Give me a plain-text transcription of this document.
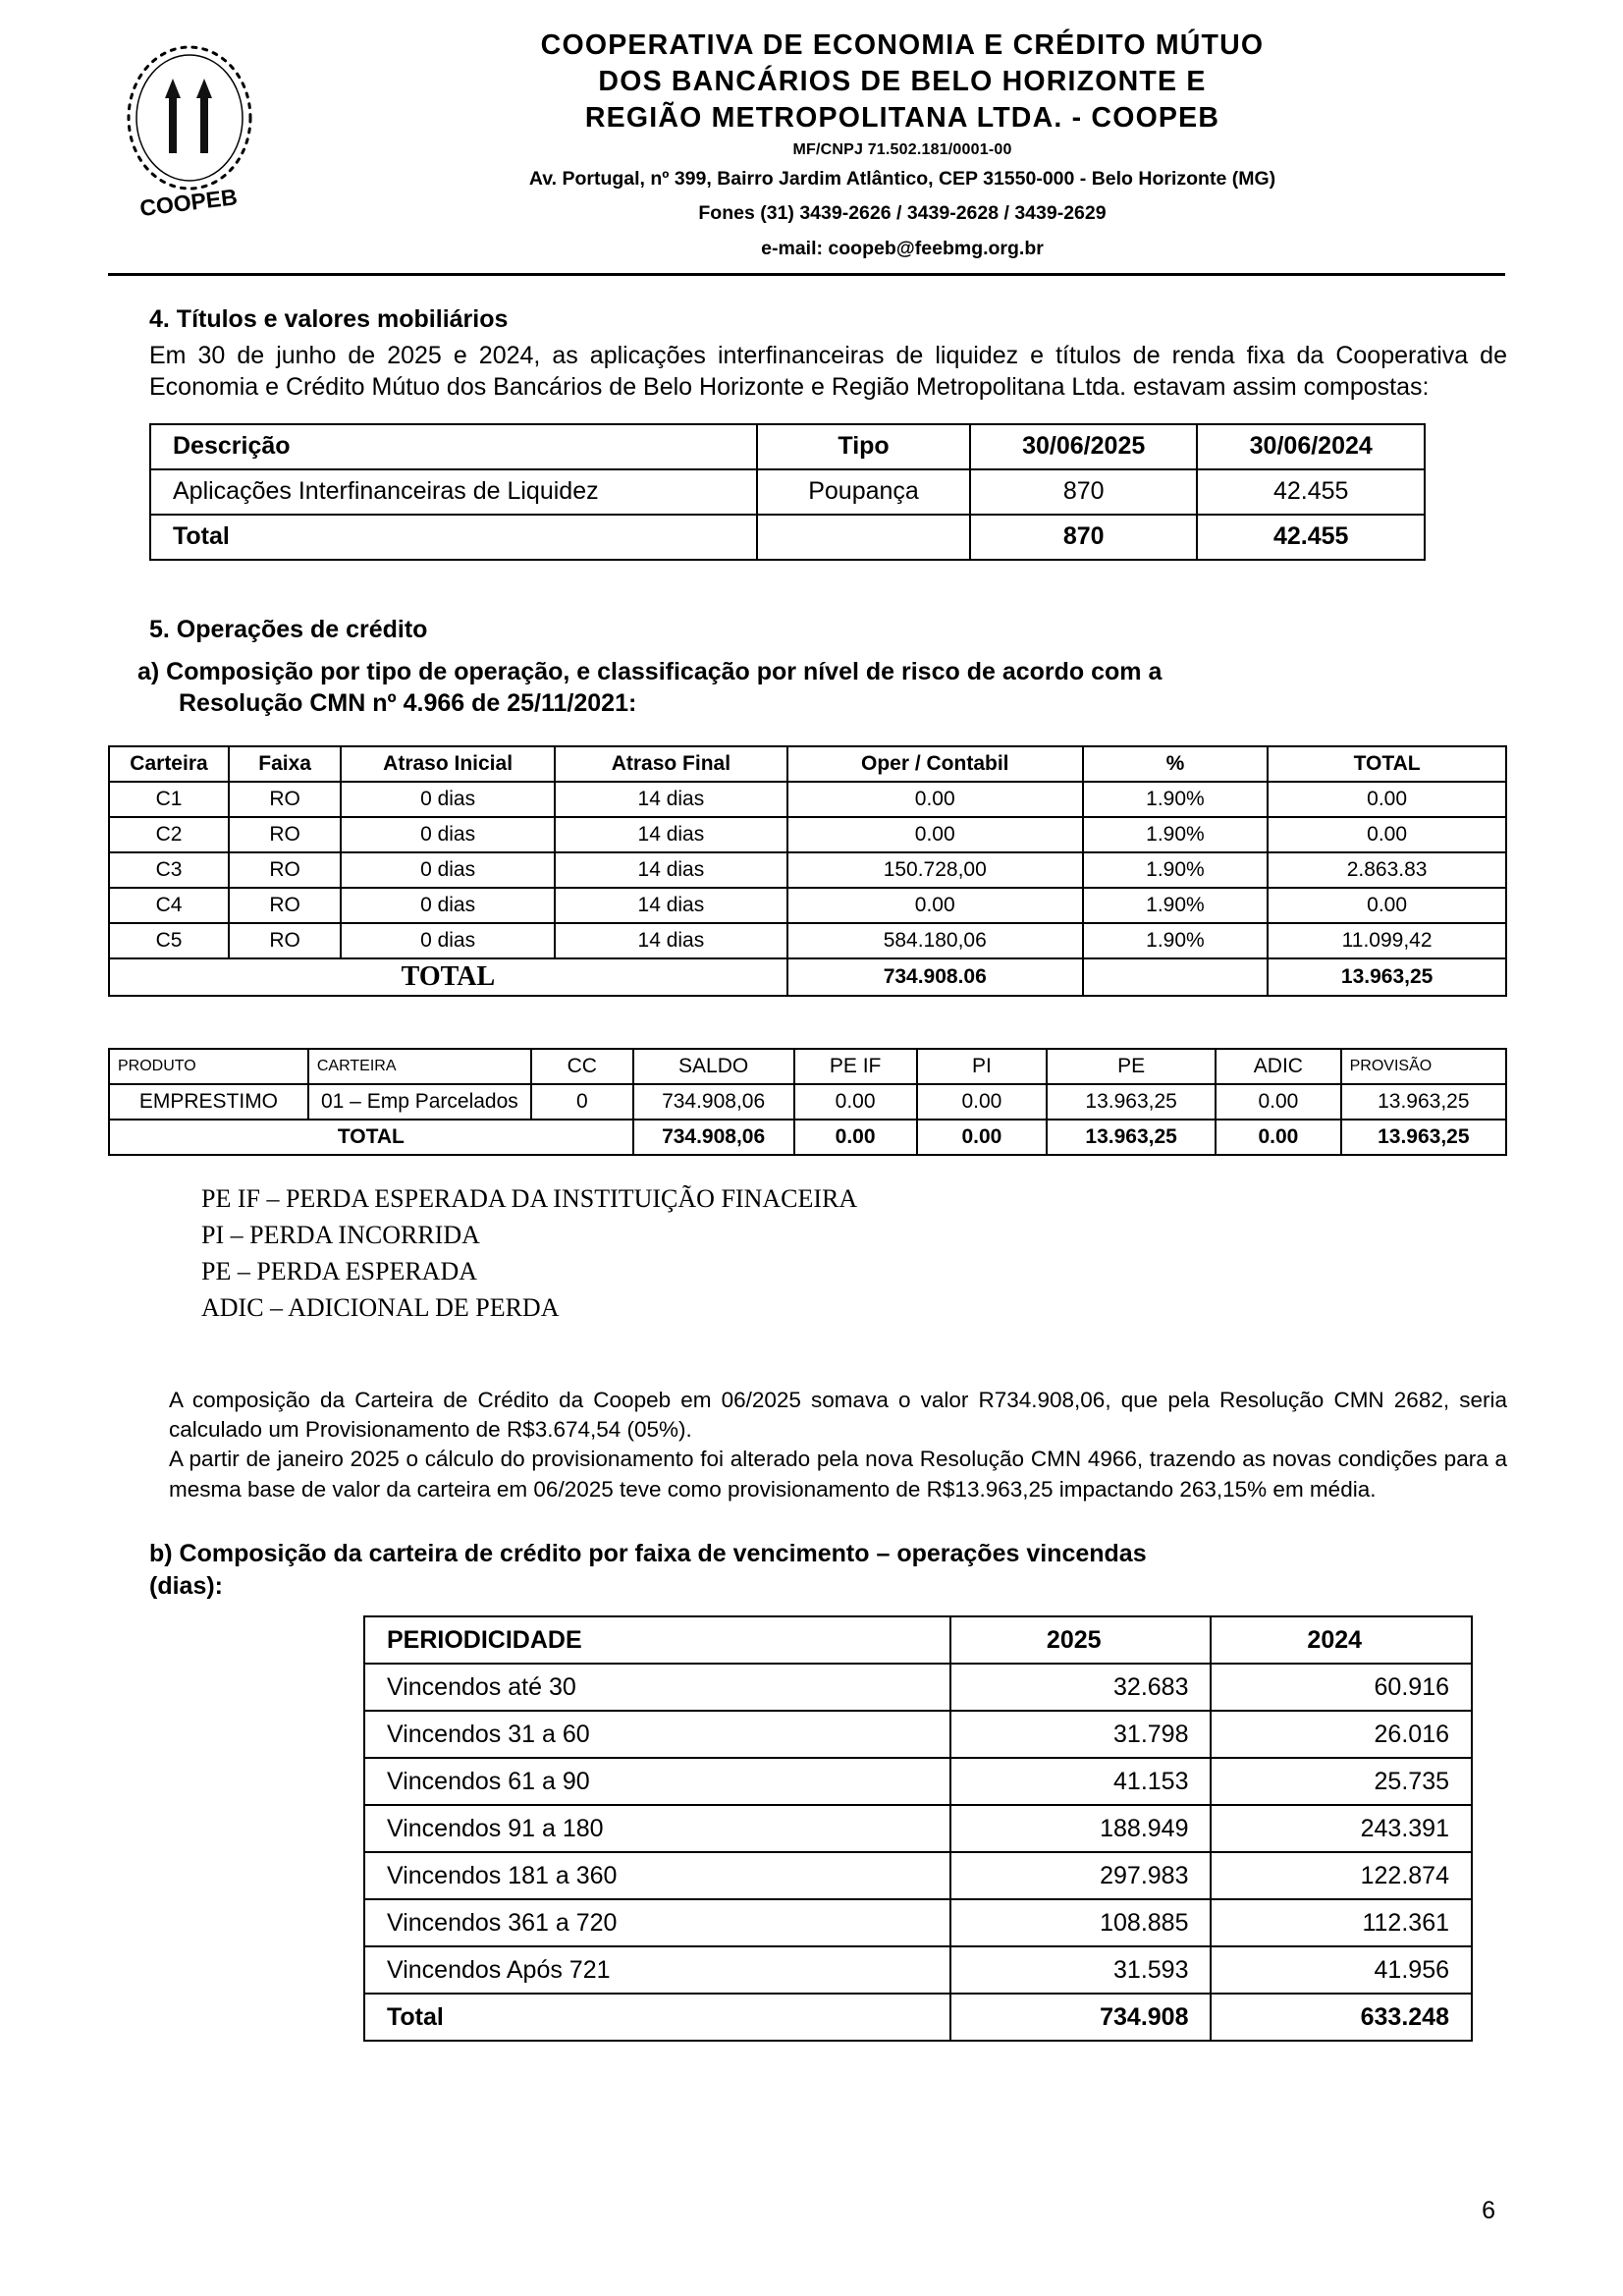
COOPEB
COOPERATIVA DE ECONOMIA E CRÉDITO MÚTUO
DOS BANCÁRIOS DE BELO HORIZONTE E
REGIÃO METROPOLITANA LTDA. - COOPEB
MF/CNPJ 71.502.181/0001-00
Av. Portugal, nº 399, Bairro Jardim Atlântico, CEP 31550-000 - Belo Horizonte (MG)
Fones (31) 3439-2626 / 3439-2628 / 3439-2629
e-mail: coopeb@feebmg.org.br
4. Títulos e valores mobiliários

Em 30 de junho de 2025 e 2024, as aplicações interfinanceiras de liquidez e títulos de renda fixa da Cooperativa de Economia e Crédito Mútuo dos Bancários de Belo Horizonte e Região Metropolitana Ltda. estavam assim compostas:

Descrição	Tipo	30/06/2025	30/06/2024
Aplicações Interfinanceiras de Liquidez	Poupança	870	42.455
Total		870	42.455
5. Operações de crédito
a) Composição por tipo de operação, e classificação por nível de risco de acordo com a
Resolução CMN nº 4.966 de 25/11/2021:
Carteira	Faixa	Atraso Inicial	Atraso Final	Oper / Contabil	%	TOTAL
C1	RO	0 dias	14 dias	0.00	1.90%	0.00
C2	RO	0 dias	14 dias	0.00	1.90%	0.00
C3	RO	0 dias	14 dias	150.728,00	1.90%	2.863.83
C4	RO	0 dias	14 dias	0.00	1.90%	0.00
C5	RO	0 dias	14 dias	584.180,06	1.90%	11.099,42
TOTAL				734.908.06		13.963,25
PRODUTO	CARTEIRA	CC	SALDO	PE IF	PI	PE	ADIC	PROVISÃO
EMPRESTIMO	01 – Emp Parcelados	0	734.908,06	0.00	0.00	13.963,25	0.00	13.963,25
TOTAL			734.908,06	0.00	0.00	13.963,25	0.00	13.963,25
PE IF – PERDA ESPERADA DA INSTITUIÇÃO FINACEIRA
PI – PERDA INCORRIDA
PE – PERDA ESPERADA
ADIC – ADICIONAL DE PERDA

A composição da Carteira de Crédito da Coopeb em 06/2025 somava o valor R734.908,06, que pela Resolução CMN 2682, seria calculado um Provisionamento de R$3.674,54 (05%).

A partir de janeiro 2025 o cálculo do provisionamento foi alterado pela nova Resolução CMN 4966, trazendo as novas condições para a mesma base de valor da carteira em 06/2025 teve como provisionamento de R$13.963,25 impactando 263,15% em média.

b) Composição da carteira de crédito por faixa de vencimento – operações vincendas
(dias):
PERIODICIDADE	2025	2024
Vincendos até 30	32.683	60.916
Vincendos 31 a 60	31.798	26.016
Vincendos 61 a 90	41.153	25.735
Vincendos 91 a 180	188.949	243.391
Vincendos 181 a 360	297.983	122.874
Vincendos 361 a 720	108.885	112.361
Vincendos Após 721	31.593	41.956
Total	734.908	633.248
6
